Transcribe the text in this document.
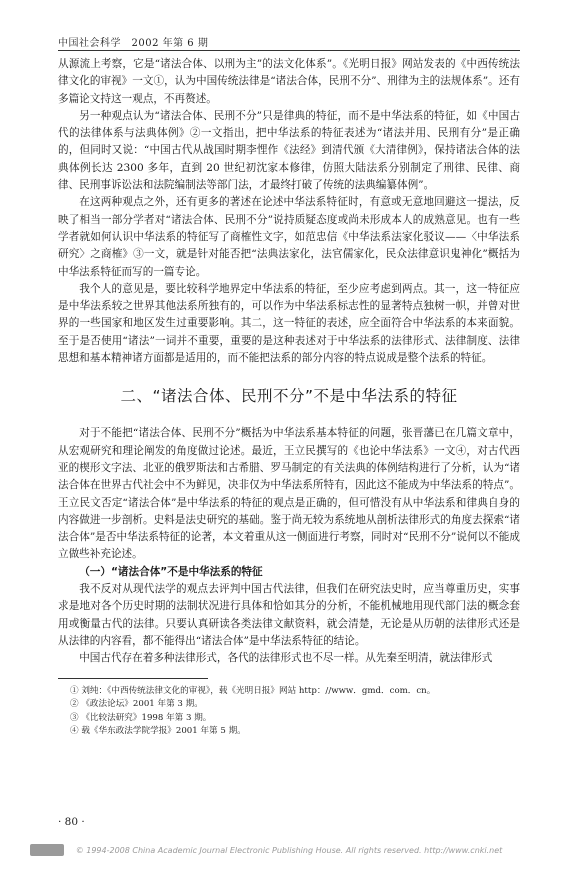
中国社会科学　2002 年第 6 期

从源流上考察，它是“诸法合体、以刑为主”的法文化体系”。《光明日报》网站发表的《中西传统法律文化的审视》一文①，认为中国传统法律是“诸法合体，民刑不分”、刑律为主的法规体系”。还有多篇论文持这一观点，不再赘述。

另一种观点认为“诸法合体、民刑不分”只是律典的特征，而不是中华法系的特征，如《中国古代的法律体系与法典体例》②一文指出，把中华法系的特征表述为“诸法并用、民刑有分”是正确的，但同时又说：“中国古代从战国时期李悝作《法经》到清代颁《大清律例》，保持诸法合体的法典体例长达 2300 多年，直到 20 世纪初沈家本修律，仿照大陆法系分别制定了刑律、民律、商律、民刑事诉讼法和法院编制法等部门法，才最终打破了传统的法典编纂体例”。

在这两种观点之外，还有更多的著述在论述中华法系特征时，有意或无意地回避这一提法，反映了相当一部分学者对“诸法合体、民刑不分”说持质疑态度或尚未形成本人的成熟意见。也有一些学者就如何认识中华法系的特征写了商榷性文字，如范忠信《中华法系法家化驳议——〈中华法系研究〉之商榷》③一文，就是针对能否把“法典法家化，法官儒家化，民众法律意识鬼神化”概括为中华法系特征而写的一篇专论。

我个人的意见是，要比较科学地界定中华法系的特征，至少应考虑到两点。其一，这一特征应是中华法系较之世界其他法系所独有的，可以作为中华法系标志性的显著特点独树一帜，并曾对世界的一些国家和地区发生过重要影响。其二，这一特征的表述，应全面符合中华法系的本来面貌。至于是否使用“诸法”一词并不重要，重要的是这种表述对于中华法系的法律形式、法律制度、法律思想和基本精神诸方面都是适用的，而不能把法系的部分内容的特点说成是整个法系的特征。

二、“诸法合体、民刑不分”不是中华法系的特征

对于不能把“诸法合体、民刑不分”概括为中华法系基本特征的问题，张晋藩已在几篇文章中，从宏观研究和理论阐发的角度做过论述。最近，王立民撰写的《也论中华法系》一文④，对古代西亚的楔形文字法、北亚的俄罗斯法和古希腊、罗马制定的有关法典的体例结构进行了分析，认为“诸法合体在世界古代社会中不为鲜见，决非仅为中华法系所特有，因此这不能成为中华法系的特点”。王立民文否定“诸法合体”是中华法系的特征的观点是正确的，但可惜没有从中华法系和律典自身的内容做进一步剖析。史料是法史研究的基础。鉴于尚无较为系统地从剖析法律形式的角度去探索“诸法合体”是否中华法系特征的论著，本文着重从这一侧面进行考察，同时对“民刑不分”说何以不能成立做些补充论述。

（一）“诸法合体”不是中华法系的特征

我不反对从现代法学的观点去评判中国古代法律，但我们在研究法史时，应当尊重历史，实事求是地对各个历史时期的法制状况进行具体和恰如其分的分析，不能机械地用现代部门法的概念套用或衡量古代的法律。只要认真研读各类法律文献资料，就会清楚，无论是从历朝的法律形式还是从法律的内容看，都不能得出“诸法合体”是中华法系特征的结论。

中国古代存在着多种法律形式，各代的法律形式也不尽一样。从先秦至明清，就法律形式

① 刘纯：《中西传统法律文化的审视》，载《光明日报》网站 http：//www．gmd．com．cn。

② 《政法论坛》2001 年第 3 期。

③ 《比较法研究》1998 年第 3 期。

④ 载《华东政法学院学报》2001 年第 5 期。

· 80 ·
© 1994-2008 China Academic Journal Electronic Publishing House. All rights reserved. http://www.cnki.net
